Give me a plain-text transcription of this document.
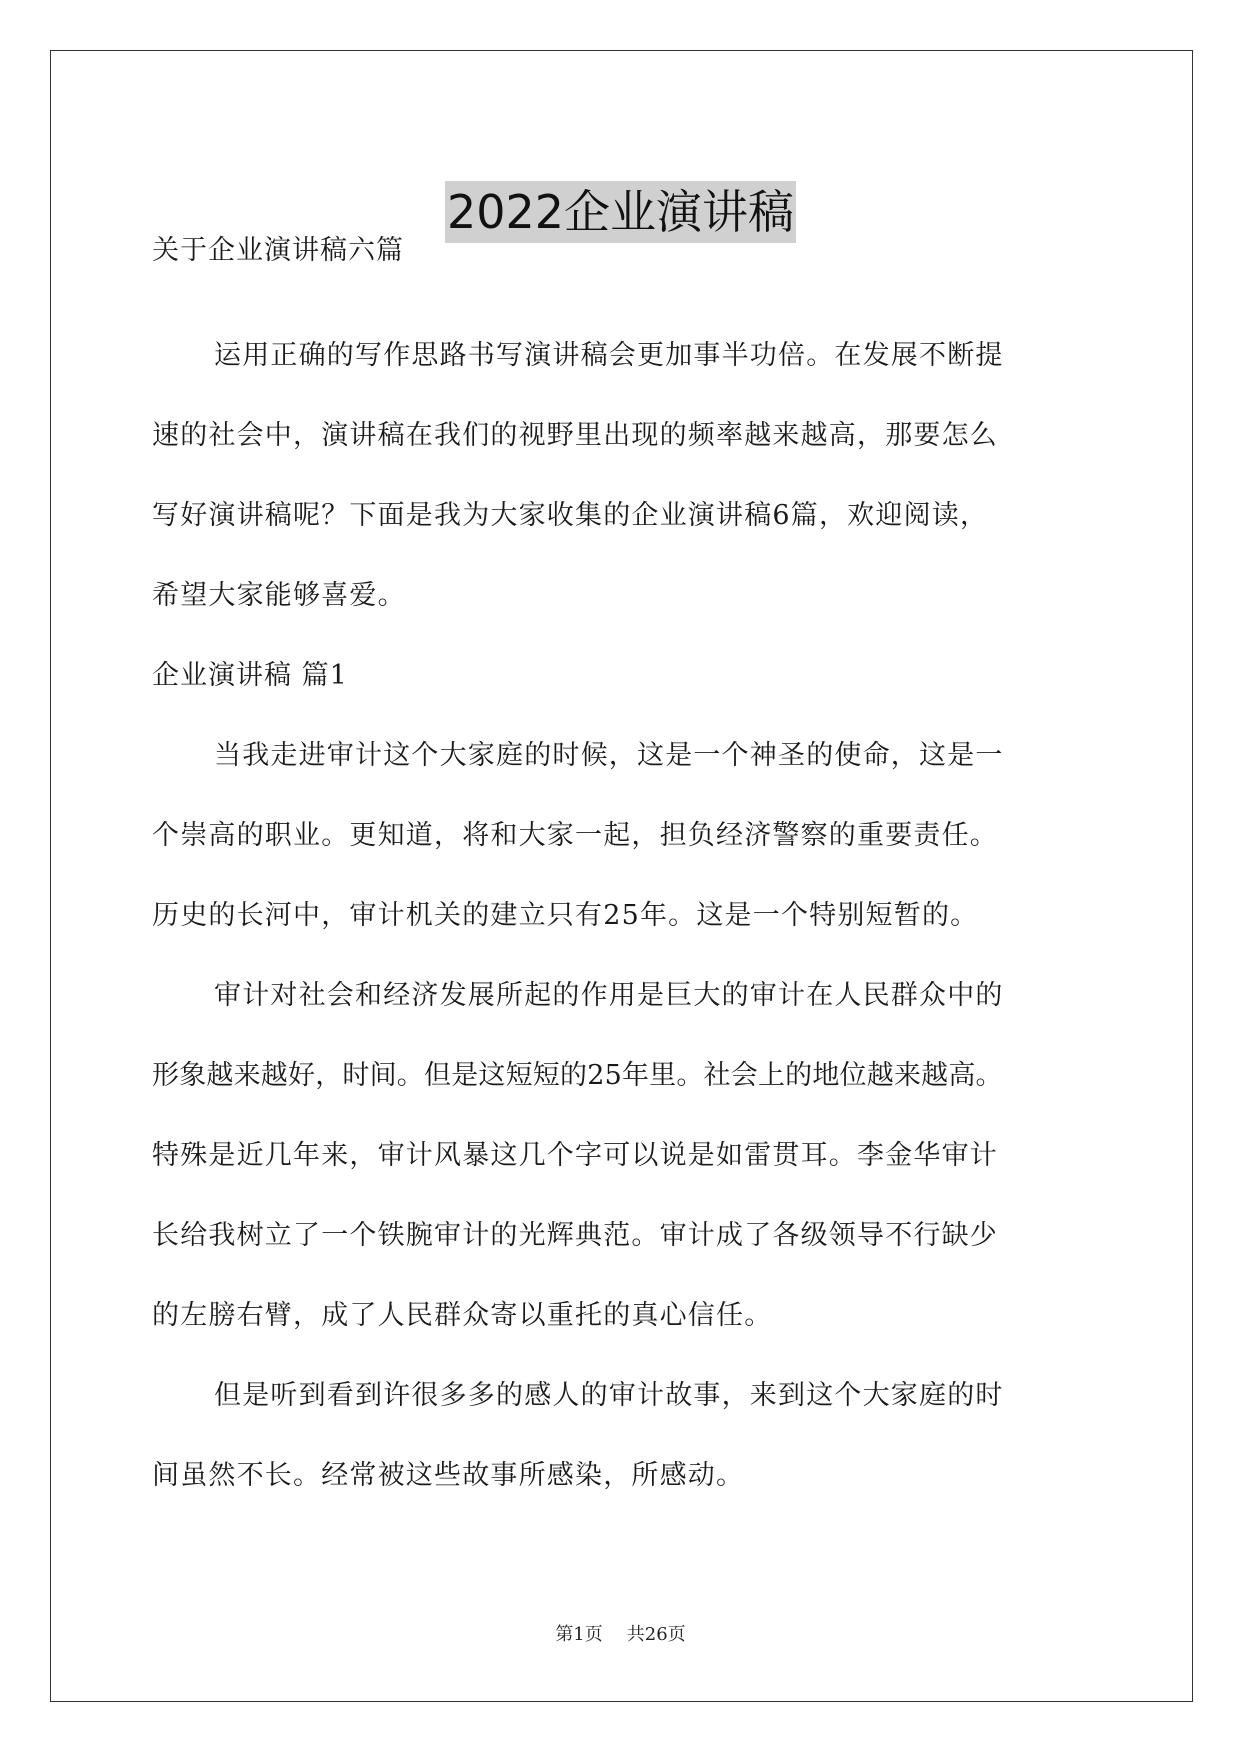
2022企业演讲稿

关于企业演讲稿六篇

运用正确的写作思路书写演讲稿会更加事半功倍。在发展不断提
速的社会中，演讲稿在我们的视野里出现的频率越来越高，那要怎么
写好演讲稿呢？下面是我为大家收集的企业演讲稿6篇，欢迎阅读，
希望大家能够喜爱。

企业演讲稿 篇1

当我走进审计这个大家庭的时候，这是一个神圣的使命，这是一
个崇高的职业。更知道，将和大家一起，担负经济警察的重要责任。
历史的长河中，审计机关的建立只有25年。这是一个特别短暂的。

审计对社会和经济发展所起的作用是巨大的审计在人民群众中的
形象越来越好，时间。但是这短短的25年里。社会上的地位越来越高。
特殊是近几年来，审计风暴这几个字可以说是如雷贯耳。李金华审计
长给我树立了一个铁腕审计的光辉典范。审计成了各级领导不行缺少
的左膀右臂，成了人民群众寄以重托的真心信任。

但是听到看到许很多多的感人的审计故事，来到这个大家庭的时
间虽然不长。经常被这些故事所感染，所感动。

第1页 共26页
